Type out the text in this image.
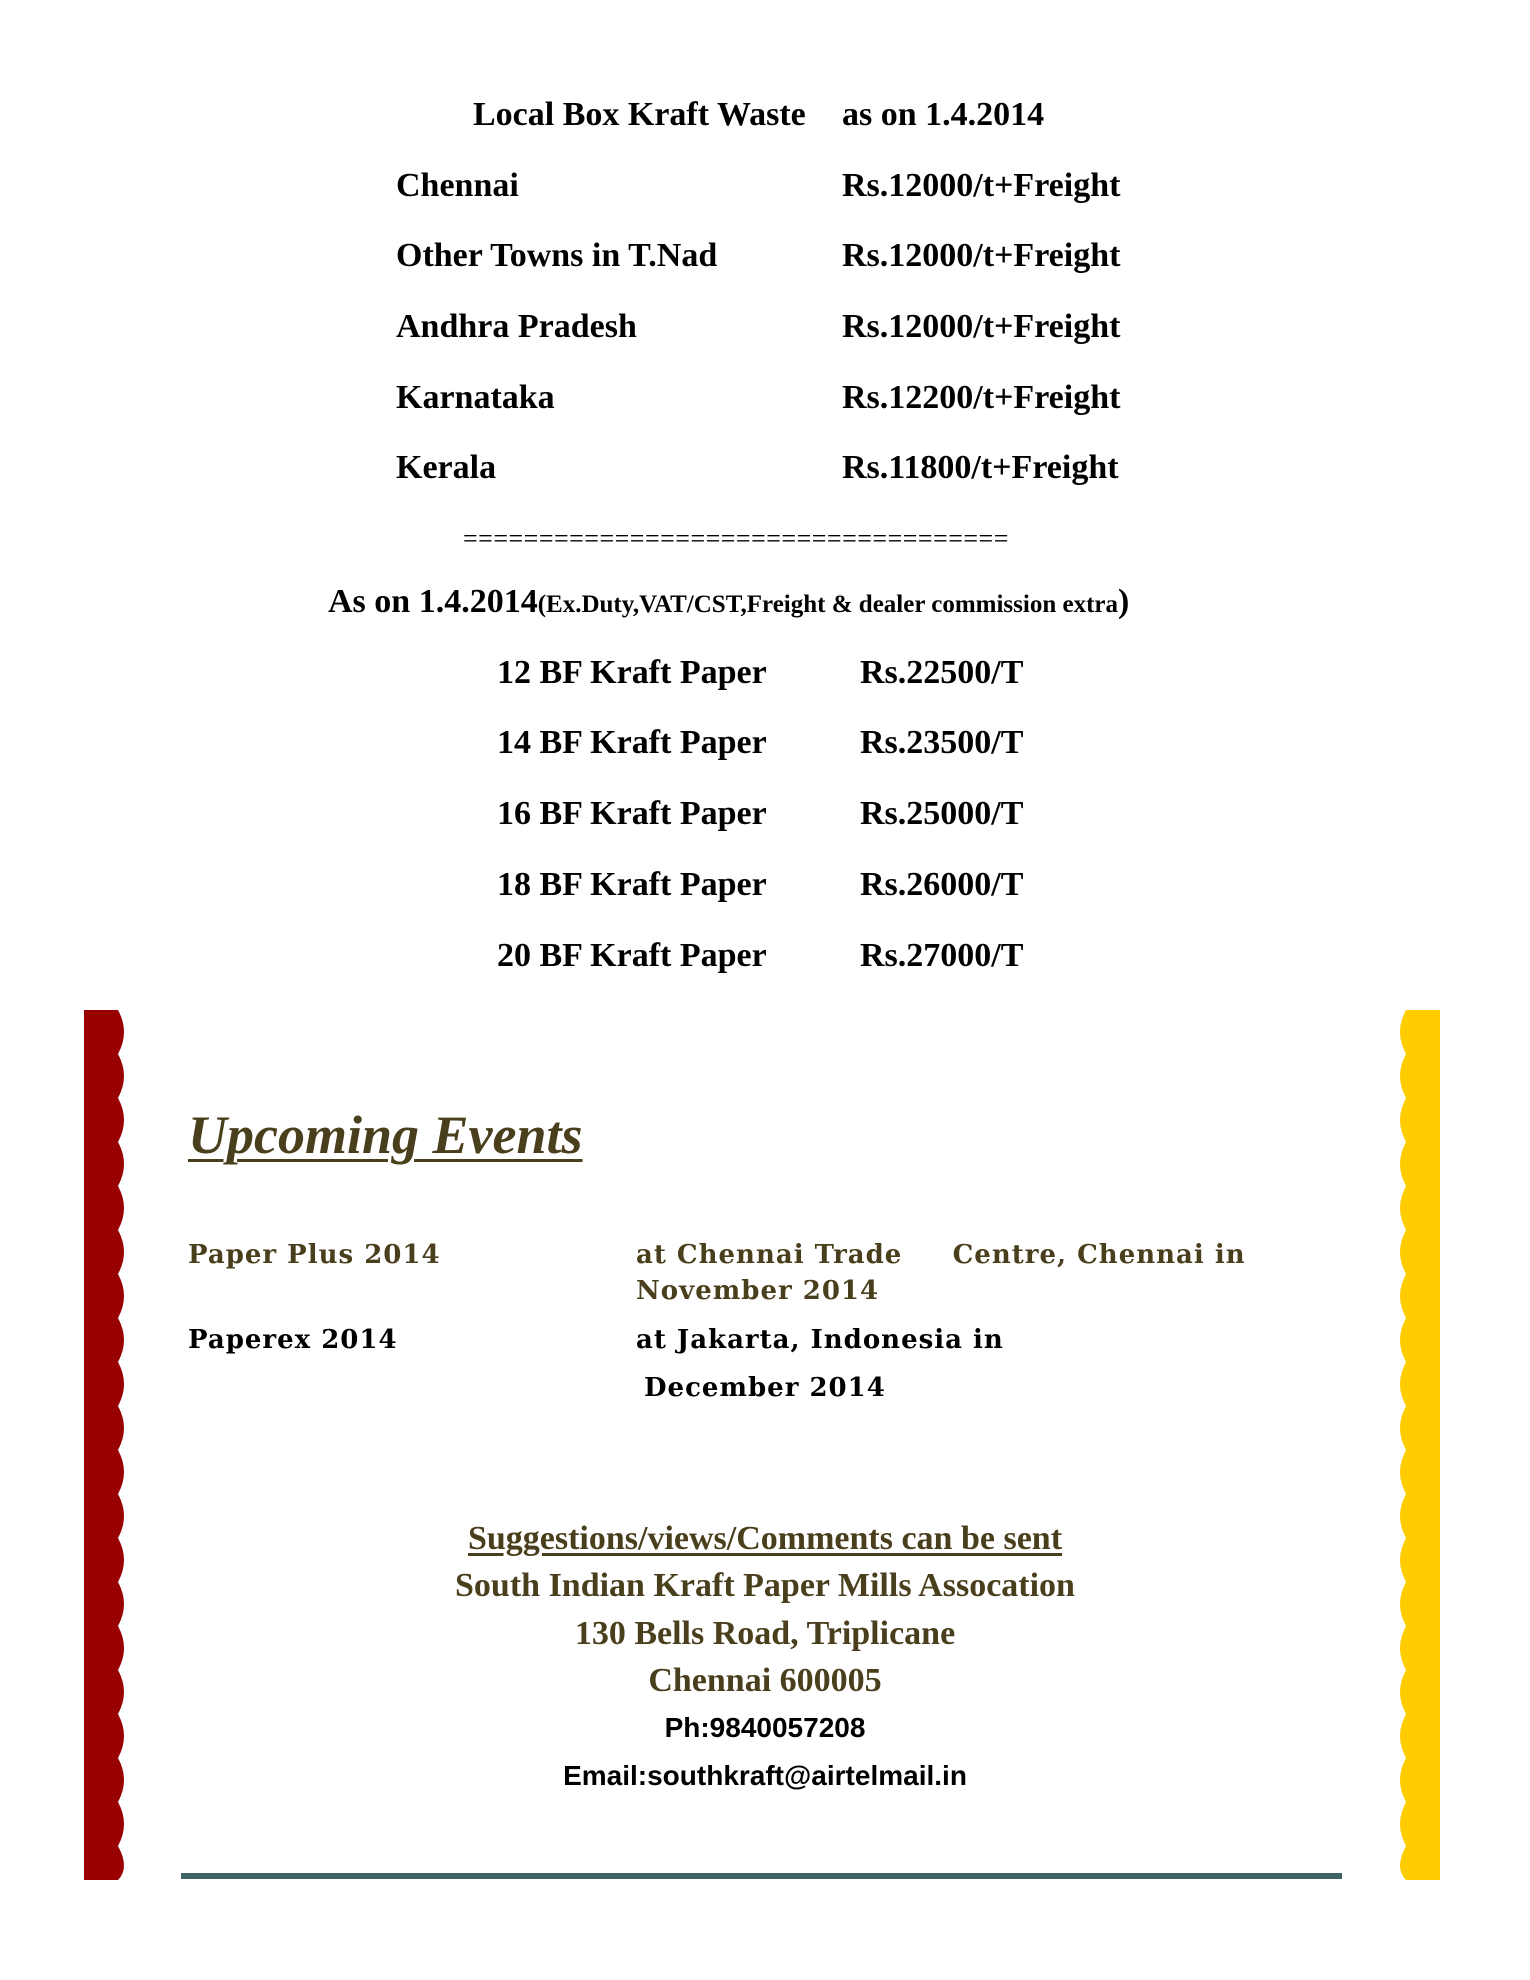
Local Box Kraft Waste as on 1.4.2014
Chennai	Rs.12000/t+Freight
Other Towns in T.Nad	Rs.12000/t+Freight
Andhra Pradesh	Rs.12000/t+Freight
Karnataka	Rs.12200/t+Freight
Kerala	Rs.11800/t+Freight
====================================
As on 1.4.2014(Ex.Duty,VAT/CST,Freight & dealer commission extra)
12 BF Kraft Paper	Rs.22500/T
14 BF Kraft Paper	Rs.23500/T
16 BF Kraft Paper	Rs.25000/T
18 BF Kraft Paper	Rs.26000/T
20 BF Kraft Paper	Rs.27000/T
Upcoming Events
Paper Plus 2014	at Chennai Trade     Centre, Chennai in
November 2014
Paperex 2014	at Jakarta, Indonesia in
December 2014
Suggestions/views/Comments can be sent
South Indian Kraft Paper Mills Assocation
130 Bells Road, Triplicane
Chennai 600005
Ph:9840057208
Email:southkraft@airtelmail.in
